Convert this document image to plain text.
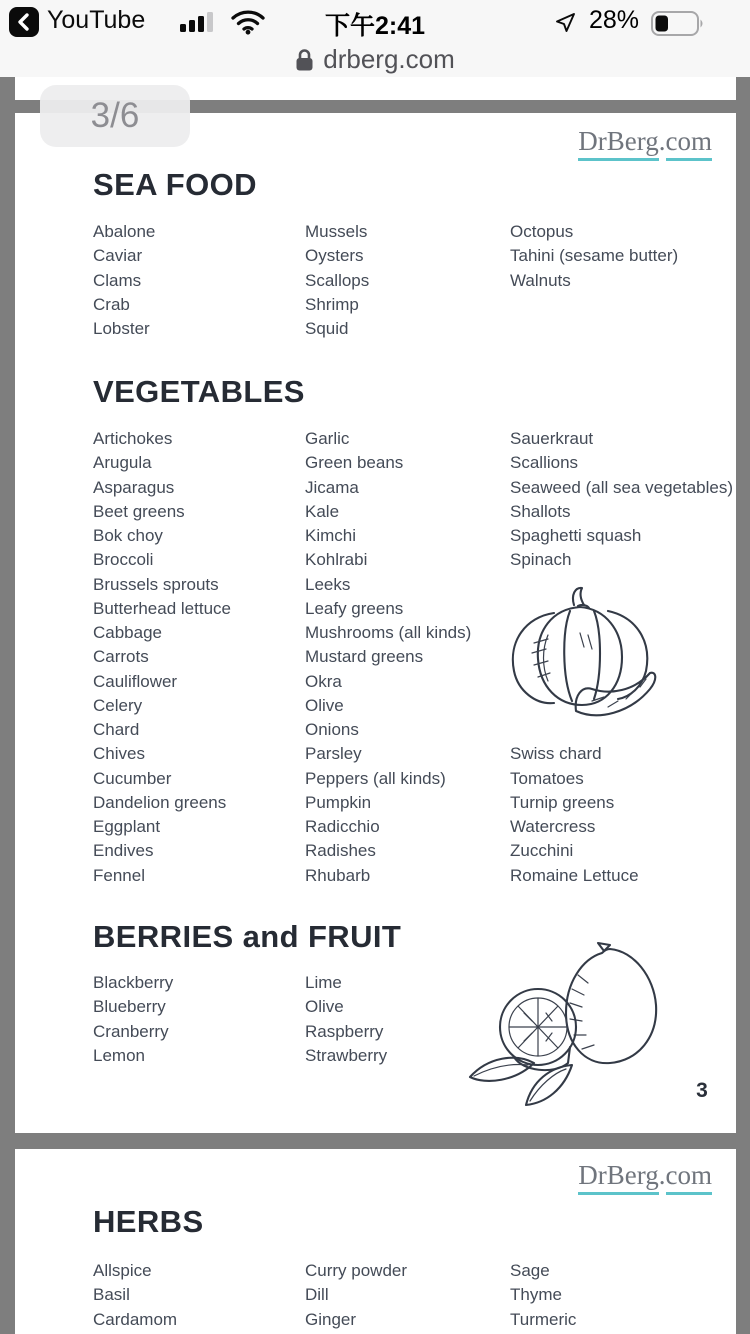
YouTube	下午2:41	28%
drberg.com
3/6
DrBerg.com
SEA FOOD
Abalone
Caviar
Clams
Crab
Lobster
Mussels
Oysters
Scallops
Shrimp
Squid
Octopus
Tahini (sesame butter)
Walnuts
VEGETABLES
Artichokes
Arugula
Asparagus
Beet greens
Bok choy
Broccoli
Brussels sprouts
Butterhead lettuce
Cabbage
Carrots
Cauliflower
Celery
Chard
Chives
Cucumber
Dandelion greens
Eggplant
Endives
Fennel
Garlic
Green beans
Jicama
Kale
Kimchi
Kohlrabi
Leeks
Leafy greens
Mushrooms (all kinds)
Mustard greens
Okra
Olive
Onions
Parsley
Peppers (all kinds)
Pumpkin
Radicchio
Radishes
Rhubarb
Sauerkraut
Scallions
Seaweed (all sea vegetables)
Shallots
Spaghetti squash
Spinach
Swiss chard
Tomatoes
Turnip greens
Watercress
Zucchini
Romaine Lettuce
BERRIES and FRUIT
Blackberry
Blueberry
Cranberry
Lemon
Lime
Olive
Raspberry
Strawberry
3
DrBerg.com
HERBS
Allspice
Basil
Cardamom
Curry powder
Dill
Ginger
Sage
Thyme
Turmeric
